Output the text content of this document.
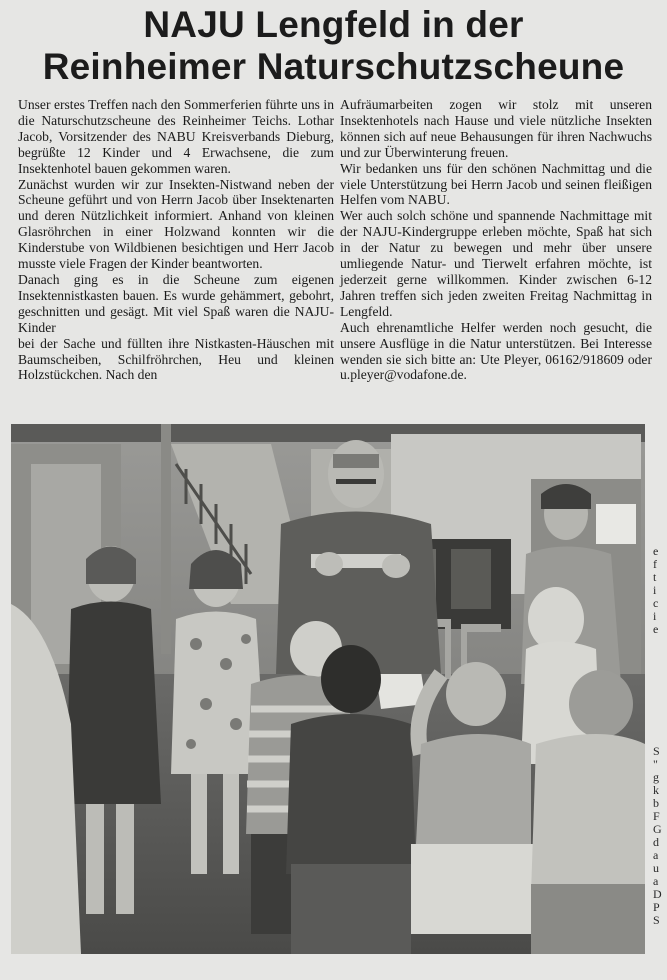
NAJU Lengfeld in der
Reinheimer Naturschutzscheune

Unser erstes Treffen nach den Sommerferien führte uns in die Naturschutzscheune des Reinheimer Teichs. Lothar Jacob, Vorsitzender des NABU Kreisverbands Dieburg, begrüßte 12 Kinder und 4 Erwachsene, die zum Insektenhotel bauen gekommen waren.

Zunächst wurden wir zur Insekten-Nistwand neben der Scheune geführt und von Herrn Jacob über Insektenarten und deren Nützlichkeit informiert. Anhand von kleinen Glasröhrchen in einer Holzwand konnten wir die Kinderstube von Wildbienen besichtigen und Herr Jacob musste viele Fragen der Kinder beantworten.

Danach ging es in die Scheune zum eigenen Insektennistkasten bauen. Es wurde gehämmert, gebohrt, geschnitten und gesägt. Mit viel Spaß waren die NAJU-Kinder

bei der Sache und füllten ihre Nistkasten-Häuschen mit Baumscheiben, Schilfröhrchen, Heu und kleinen Holzstückchen. Nach den

Aufräumarbeiten zogen wir stolz mit unseren Insektenhotels nach Hause und viele nützliche Insekten können sich auf neue Behausungen für ihren Nachwuchs und zur Überwinterung freuen.

Wir bedanken uns für den schönen Nachmittag und die viele Unterstützung bei Herrn Jacob und seinen fleißigen Helfen vom NABU.

Wer auch solch schöne und spannende Nachmittage mit der NAJU-Kindergruppe erleben möchte, Spaß hat sich in der Natur zu bewegen und mehr über unsere umliegende Natur- und Tierwelt erfahren möchte, ist jederzeit gerne willkommen. Kinder zwischen 6-12 Jahren treffen sich jeden zweiten Freitag Nachmittag in Lengfeld.

Auch ehrenamtliche Helfer werden noch gesucht, die unsere Ausflüge in die Natur unterstützen. Bei Interesse wenden sie sich bitte an: Ute Pleyer, 06162/918609 oder u.pleyer@vodafone.de.

e
f
t
i
c
i
e
S
"
g
k
b
F
G
d
a
u
a
D
P
S
